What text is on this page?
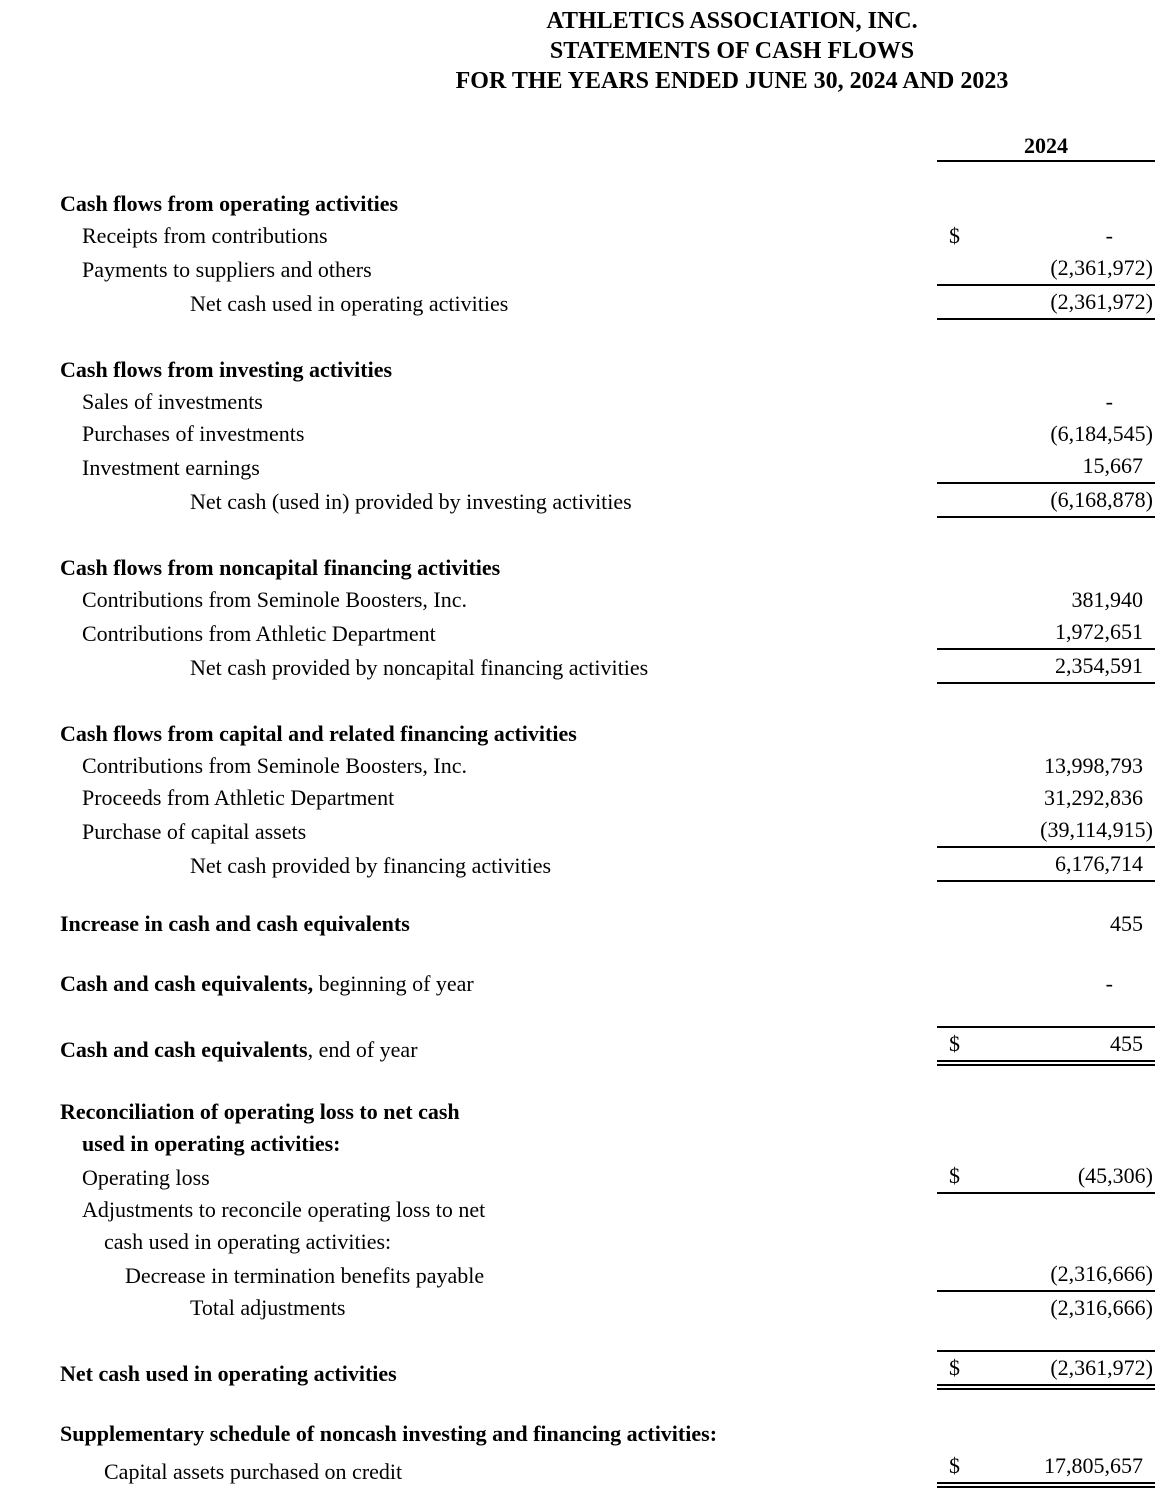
ATHLETICS ASSOCIATION, INC.
STATEMENTS OF CASH FLOWS
FOR THE YEARS ENDED JUNE 30, 2024 AND 2023
2024
Cash flows from operating activities
Receipts from contributions	$	-
Payments to suppliers and others	(2,361,972)
Net cash used in operating activities	(2,361,972)
Cash flows from investing activities
Sales of investments	-
Purchases of investments	(6,184,545)
Investment earnings	15,667
Net cash (used in) provided by investing activities	(6,168,878)
Cash flows from noncapital financing activities
Contributions from Seminole Boosters, Inc.	381,940
Contributions from Athletic Department	1,972,651
Net cash provided by noncapital financing activities	2,354,591
Cash flows from capital and related financing activities
Contributions from Seminole Boosters, Inc.	13,998,793
Proceeds from Athletic Department	31,292,836
Purchase of capital assets	(39,114,915)
Net cash provided by financing activities	6,176,714
Increase in cash and cash equivalents	455
Cash and cash equivalents, beginning of year	-
Cash and cash equivalents, end of year	$	455
Reconciliation of operating loss to net cash
used in operating activities:
Operating loss	$	(45,306)
Adjustments to reconcile operating loss to net
cash used in operating activities:
Decrease in termination benefits payable	(2,316,666)
Total adjustments	(2,316,666)
Net cash used in operating activities	$	(2,361,972)
Supplementary schedule of noncash investing and financing activities:
Capital assets purchased on credit	$	17,805,657
